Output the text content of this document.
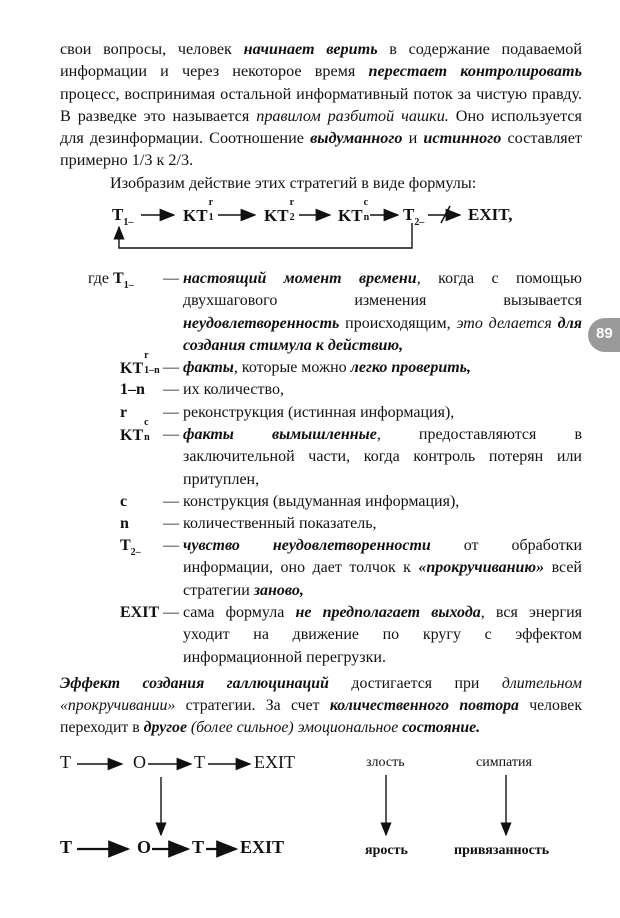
89
свои вопросы, человек начинает верить в содержание подаваемой информации и через некоторое время перестает контролировать процесс, воспринимая остальной информативный поток за чистую правду. В разведке это называется правилом разбитой чашки. Оно используется для дезинформации. Соотношение выдуманного и истинного составляет примерно 1/3 к 2/3.
Изобразим действие этих стратегий в виде формулы:
$T_{1-}$	KT
r
1	KT
r
2	KT
c
n $T_{2-}$	EXIT,
где $T_{1-}$ — настоящий момент времени, когда с помощью двухшагового изменения вызывается неудовлетворенность происходящим, это делается для создания стимула к действию,
KT
r
1–n — факты, которые можно легко проверить,
1–n — их количество,
r — реконструкция (истинная информация),
KT
c
n — факты вымышленные, предоставляются в заключительной части, когда контроль потерян или притуплен,
c — конструкция (выдуманная информация),
n — количественный показатель,
$T_{2-}$ — чувство неудовлетворенности от обработки информации, оно дает толчок к «прокручиванию» всей стратегии заново,
EXIT — сама формула не предполагает выхода, вся энергия уходит на движение по кругу с эффектом информационной перегрузки.
Эффект создания галлюцинаций достигается при длительном «прокручивании» стратегии. За счет количественного повтора человек переходит в другое (более сильное) эмоциональное состояние.
T	O	T	EXIT
T	O T EXIT
злость
ярость
симпатия
привязанность
